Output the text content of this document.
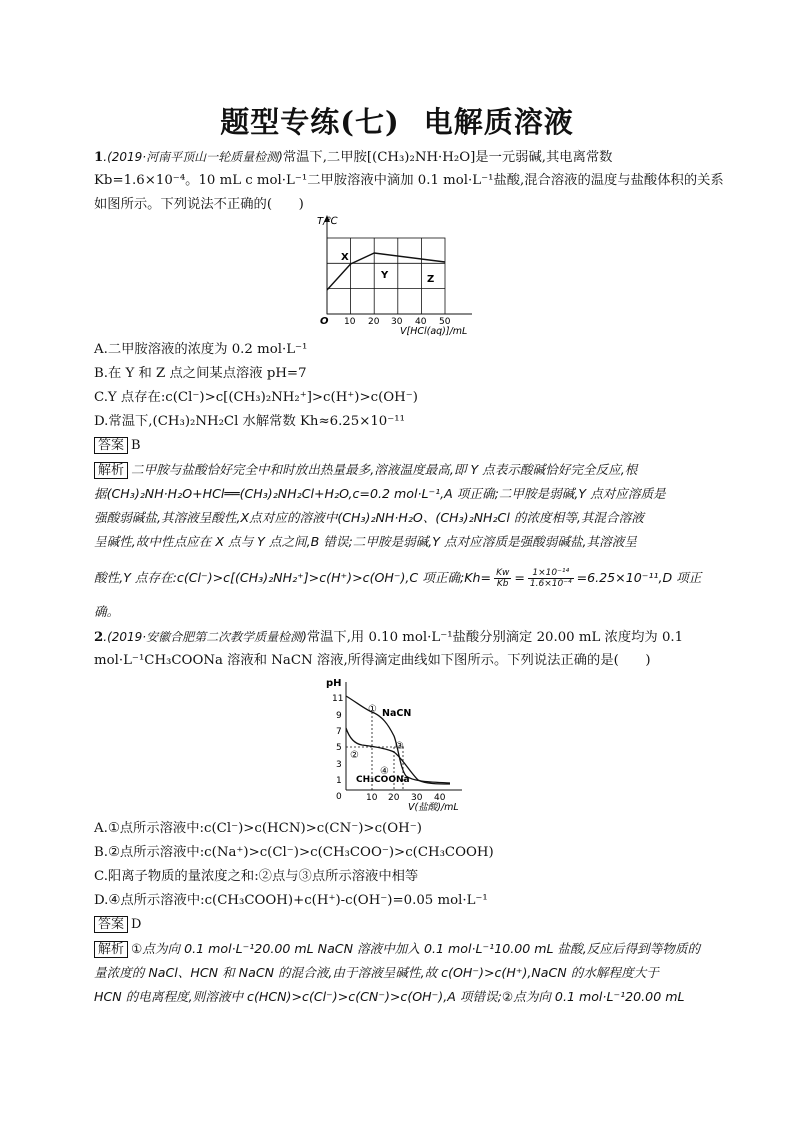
题型专练(七) 电解质溶液
1.(2019·河南平顶山一轮质量检测)常温下,二甲胺[(CH₃)₂NH·H₂O]是一元弱碱,其电离常数
Kb=1.6×10⁻⁴。10 mL c mol·L⁻¹二甲胺溶液中滴加 0.1 mol·L⁻¹盐酸,混合溶液的温度与盐酸体积的关系
如图所示。下列说法不正确的(　　)
T/℃
X
Y	Z
O 10 20 30 40 50
V[HCl(aq)]/mL
A.二甲胺溶液的浓度为 0.2 mol·L⁻¹
B.在 Y 和 Z 点之间某点溶液 pH=7
C.Y 点存在:c(Cl⁻)>c[(CH₃)₂NH₂⁺]>c(H⁺)>c(OH⁻)
D.常温下,(CH₃)₂NH₂Cl 水解常数 Kh≈6.25×10⁻¹¹
答案 B
解析 二甲胺与盐酸恰好完全中和时放出热量最多,溶液温度最高,即 Y 点表示酸碱恰好完全反应,根
据(CH₃)₂NH·H₂O+HCl══(CH₃)₂NH₂Cl+H₂O,c=0.2 mol·L⁻¹,A 项正确;二甲胺是弱碱,Y 点对应溶质是
强酸弱碱盐,其溶液呈酸性,X点对应的溶液中(CH₃)₂NH·H₂O、(CH₃)₂NH₂Cl 的浓度相等,其混合溶液
呈碱性,故中性点应在 X 点与 Y 点之间,B 错误;二甲胺是弱碱,Y 点对应溶质是强酸弱碱盐,其溶液呈
酸性,Y 点存在:c(Cl⁻)>c[(CH₃)₂NH₂⁺]>c(H⁺)>c(OH⁻),C 项正确;Kh= $\frac{Kw}{Kb} = \frac{\text{1×10⁻¹⁴}}{\text{1.6×10⁻⁴}} =6.25\times 10^{-11},D$ 项正
确。
2.(2019·安徽合肥第二次教学质量检测)常温下,用 0.10 mol·L⁻¹盐酸分别滴定 20.00 mL 浓度均为 0.1
mol·L⁻¹CH₃COONa 溶液和 NaCN 溶液,所得滴定曲线如下图所示。下列说法正确的是(　　)
pH
11
9
7
5
3
1
0	10 20 30 40
V(盐酸)/mL
① NaCN
②
③
④
CH₃COONa
A.①点所示溶液中:c(Cl⁻)>c(HCN)>c(CN⁻)>c(OH⁻)
B.②点所示溶液中:c(Na⁺)>c(Cl⁻)>c(CH₃COO⁻)>c(CH₃COOH)
C.阳离子物质的量浓度之和:②点与③点所示溶液中相等
D.④点所示溶液中:c(CH₃COOH)+c(H⁺)-c(OH⁻)=0.05 mol·L⁻¹
答案 D
解析 ①点为向 0.1 mol·L⁻¹20.00 mL NaCN 溶液中加入 0.1 mol·L⁻¹10.00 mL 盐酸,反应后得到等物质的
量浓度的 NaCl、HCN 和 NaCN 的混合液,由于溶液呈碱性,故 c(OH⁻)>c(H⁺),NaCN 的水解程度大于
HCN 的电离程度,则溶液中 c(HCN)>c(Cl⁻)>c(CN⁻)>c(OH⁻),A 项错误;②点为向 0.1 mol·L⁻¹20.00 mL
